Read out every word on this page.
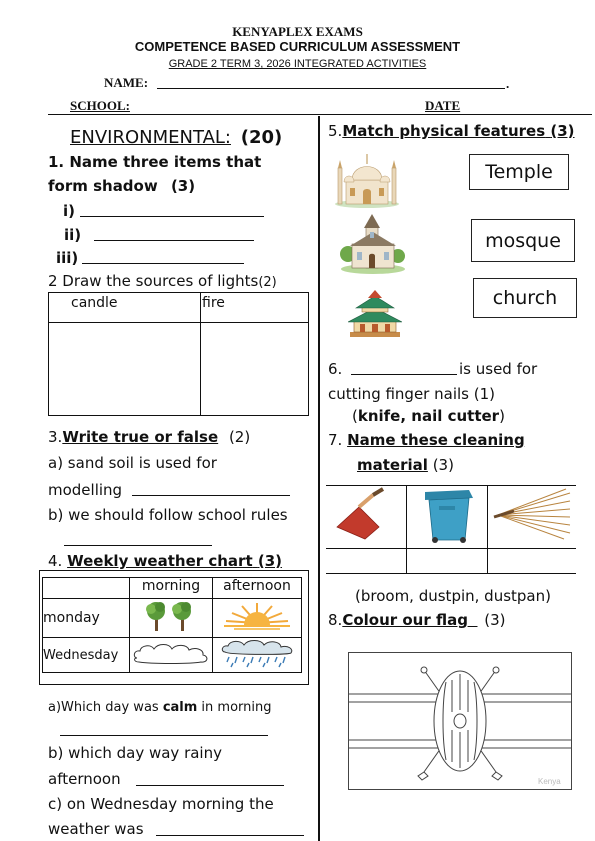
KENYAPLEX EXAMS
COMPETENCE BASED CURRICULUM ASSESSMENT
GRADE 2 TERM 3, 2026 INTEGRATED ACTIVITIES
NAME:	.
SCHOOL:	DATE
ENVIRONMENTAL: (20)
1. Name three items that
form shadow (3)
i)
ii)
iii)
2 Draw the sources of lights(2)
candle	fire

3.Write true or false (2)
a) sand soil is used for
modelling
b) we should follow school rules
4. Weekly weather chart (3)
	morning	afternoon
monday		
Wednesday		
a)Which day was calm in morning
b) which day way rainy
afternoon
c) on Wednesday morning the
weather was
5.Match physical features (3)
Temple
mosque
church
6.	is used for
cutting finger nails (1)
(knife, nail cutter)
7. Name these cleaning
material (3)

(broom, dustpin, dustpan)
8.Colour our flag (3)
Kenya
